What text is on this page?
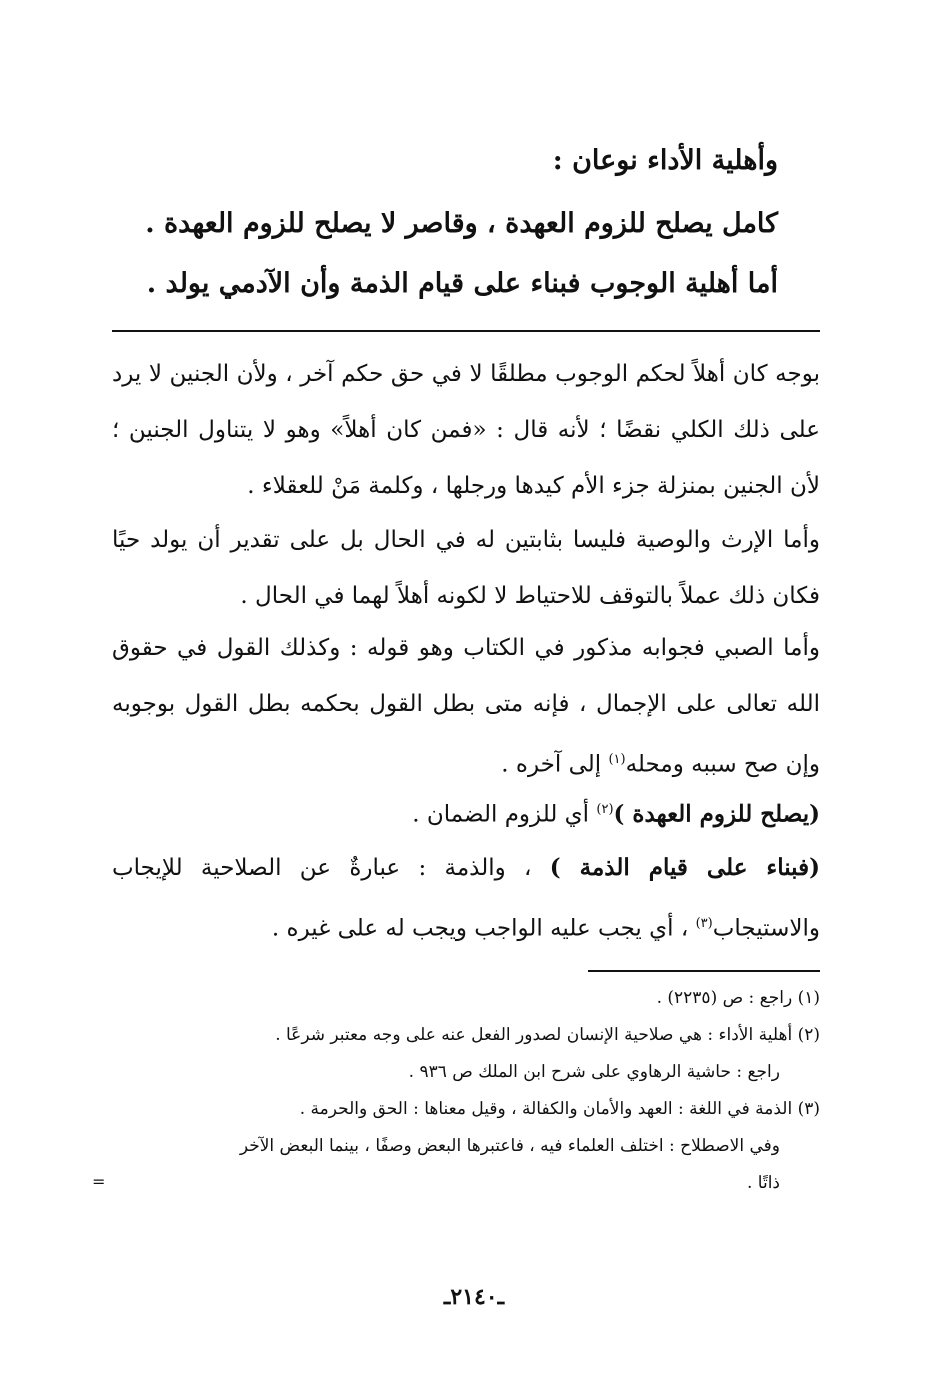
وأهلية الأداء نوعان :
كامل يصلح للزوم العهدة ، وقاصر لا يصلح للزوم العهدة .
أما أهلية الوجوب فبناء على قيام الذمة وأن الآدمي يولد .
بوجه كان أهلاً لحكم الوجوب مطلقًا لا في حق حكم آخر ، ولأن الجنين لا يرد على ذلك الكلي نقضًا ؛ لأنه قال : «فمن كان أهلاً» وهو لا يتناول الجنين ؛ لأن الجنين بمنزلة جزء الأم كيدها ورجلها ، وكلمة مَنْ للعقلاء .
وأما الإرث والوصية فليسا بثابتين له في الحال بل على تقدير أن يولد حيًا فكان ذلك عملاً بالتوقف للاحتياط لا لكونه أهلاً لهما في الحال .
وأما الصبي فجوابه مذكور في الكتاب وهو قوله : وكذلك القول في حقوق الله تعالى على الإجمال ، فإنه متى بطل القول بحكمه بطل القول بوجوبه وإن صح سببه ومحله$^{(١)}$ إلى آخره .
(يصلح للزوم العهدة )$^{(٢)}$ أي للزوم الضمان .
(فبناء على قيام الذمة ) ، والذمة : عبارةٌ عن الصلاحية للإيجاب والاستيجاب$^{(٣)}$ ، أي يجب عليه الواجب ويجب له على غيره .
(١) راجع : ص (٢٢٣٥) .
(٢) أهلية الأداء : هي صلاحية الإنسان لصدور الفعل عنه على وجه معتبر شرعًا .
راجع : حاشية الرهاوي على شرح ابن الملك ص ٩٣٦ .
(٣) الذمة في اللغة : العهد والأمان والكفالة ، وقيل معناها : الحق والحرمة .
وفي الاصطلاح : اختلف العلماء فيه ، فاعتبرها البعض وصفًا ، بينما البعض الآخر
ذاتًا .
=
ـ٢١٤٠ـ
